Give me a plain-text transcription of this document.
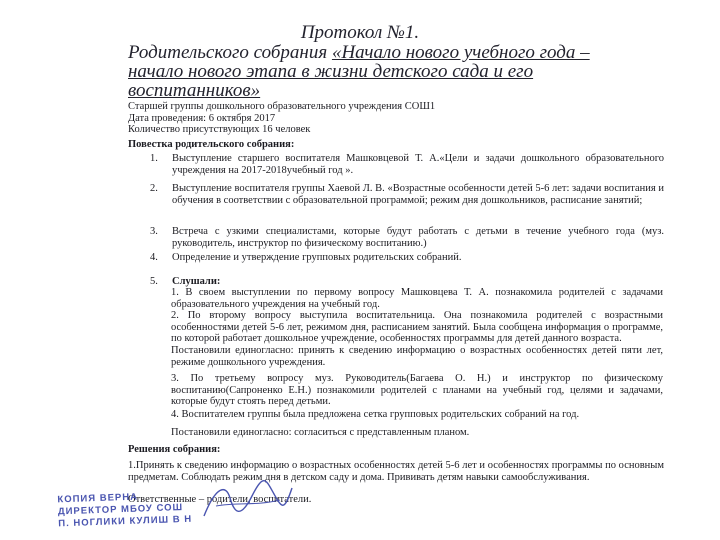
Протокол №1.
Родительского собрания «Начало нового учебного года – начало нового этапа в жизни детского сада и его воспитанников»
Старшей группы дошкольного образовательного учреждения СОШ1
Дата проведения: 6 октября 2017
Количество присутствующих 16 человек
Повестка родительского собрания:
1. Выступление старшего воспитателя Машковцевой Т. А.«Цели и задачи дошкольного образовательного учреждения на 2017-2018учебный год ».
2. Выступление воспитателя группы Хаевой Л. В. «Возрастные особенности детей 5-6 лет: задачи воспитания и обучения в соответствии с образовательной программой; режим дня дошкольников, расписание занятий;
3. Встреча с узкими специалистами, которые будут работать с детьми в течение учебного года (муз. руководитель, инструктор по физическому воспитанию.)
4. Определение и утверждение групповых родительских собраний.
5. Слушали:
1. В своем выступлении по первому вопросу Машковцева Т. А. познакомила родителей с задачами образовательного учреждения на учебный год.
2. По второму вопросу выступила воспитательница. Она познакомила родителей с возрастными особенностями детей 5-6 лет, режимом дня, расписанием занятий. Была сообщена информация о программе, по которой работает дошкольное учреждение, особенностях программы для детей данного возраста.
Постановили единогласно: принять к сведению информацию о возрастных особенностях детей пяти лет, режиме дошкольного учреждения.
3. По третьему вопросу муз. Руководитель(Багаева О. Н.) и инструктор по физическому воспитанию(Сапроненко Е.Н.) познакомили родителей с планами на учебный год, целями и задачами, которые будут стоять перед детьми.
4. Воспитателем группы была предложена сетка групповых родительских собраний на год.
Постановили единогласно: согласиться с представленным планом.
Решения собрания:
1.Принять к сведению информацию о возрастных особенностях детей 5-6 лет и особенностях программы по основным предметам. Соблюдать режим дня в детском саду и дома. Прививать детям навыки самообслуживания.
Ответственные – родители, воспитатели.
КОПИЯ ВЕРНА
ДИРЕКТОР МБОУ СОШ
П. НОГЛИКИ КУЛИШ В Н
